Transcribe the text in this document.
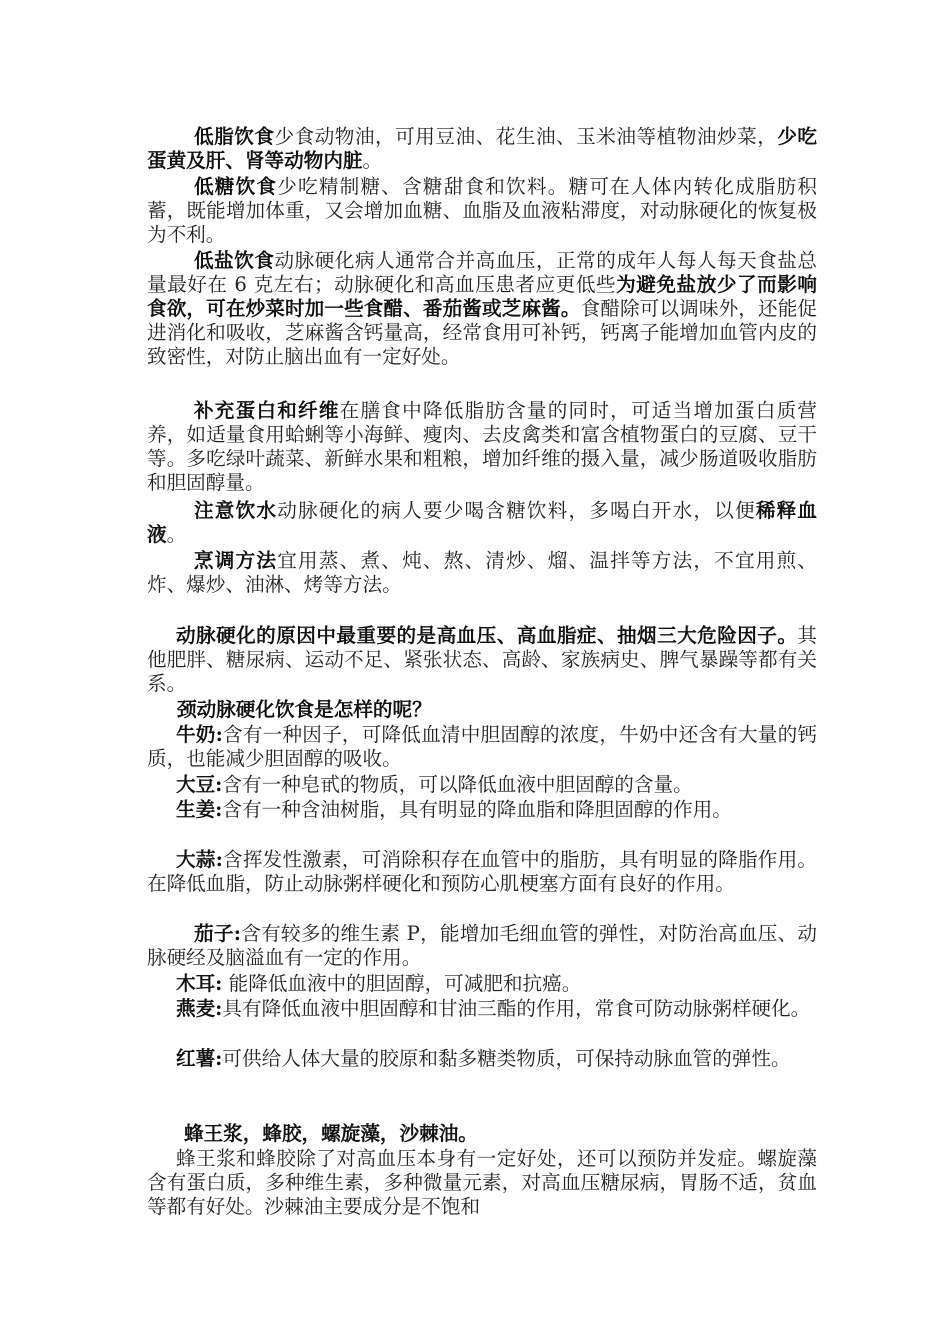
低脂饮食少食动物油，可用豆油、花生油、玉米油等植物油炒菜，少吃蛋黄及肝、肾等动物内脏。

低糖饮食少吃精制糖、含糖甜食和饮料。糖可在人体内转化成脂肪积蓄，既能增加体重，又会增加血糖、血脂及血液粘滞度，对动脉硬化的恢复极为不利。

低盐饮食动脉硬化病人通常合并高血压，正常的成年人每人每天食盐总量最好在 6 克左右；动脉硬化和高血压患者应更低些为避免盐放少了而影响食欲，可在炒菜时加一些食醋、番茄酱或芝麻酱。食醋除可以调味外，还能促进消化和吸收，芝麻酱含钙量高，经常食用可补钙，钙离子能增加血管内皮的致密性，对防止脑出血有一定好处。

补充蛋白和纤维在膳食中降低脂肪含量的同时，可适当增加蛋白质营养，如适量食用蛤蜊等小海鲜、瘦肉、去皮禽类和富含植物蛋白的豆腐、豆干等。多吃绿叶蔬菜、新鲜水果和粗粮，增加纤维的摄入量，减少肠道吸收脂肪和胆固醇量。

注意饮水动脉硬化的病人要少喝含糖饮料，多喝白开水，以便稀释血液。

烹调方法宜用蒸、煮、炖、熬、清炒、熘、温拌等方法，不宜用煎、炸、爆炒、油淋、烤等方法。

动脉硬化的原因中最重要的是高血压、高血脂症、抽烟三大危险因子。其他肥胖、糖尿病、运动不足、紧张状态、高龄、家族病史、脾气暴躁等都有关系。

颈动脉硬化饮食是怎样的呢？

牛奶:含有一种因子，可降低血清中胆固醇的浓度，牛奶中还含有大量的钙质，也能减少胆固醇的吸收。

大豆:含有一种皂甙的物质，可以降低血液中胆固醇的含量。

生姜:含有一种含油树脂，具有明显的降血脂和降胆固醇的作用。

大蒜:含挥发性激素，可消除积存在血管中的脂肪，具有明显的降脂作用。在降低血脂，防止动脉粥样硬化和预防心肌梗塞方面有良好的作用。

茄子:含有较多的维生素 P，能增加毛细血管的弹性，对防治高血压、动脉硬经及脑溢血有一定的作用。

木耳: 能降低血液中的胆固醇，可减肥和抗癌。

燕麦:具有降低血液中胆固醇和甘油三酯的作用，常食可防动脉粥样硬化。

红薯:可供给人体大量的胶原和黏多糖类物质，可保持动脉血管的弹性。

蜂王浆，蜂胶，螺旋藻，沙棘油。

蜂王浆和蜂胶除了对高血压本身有一定好处，还可以预防并发症。螺旋藻含有蛋白质，多种维生素，多种微量元素，对高血压糖尿病，胃肠不适，贫血等都有好处。沙棘油主要成分是不饱和
